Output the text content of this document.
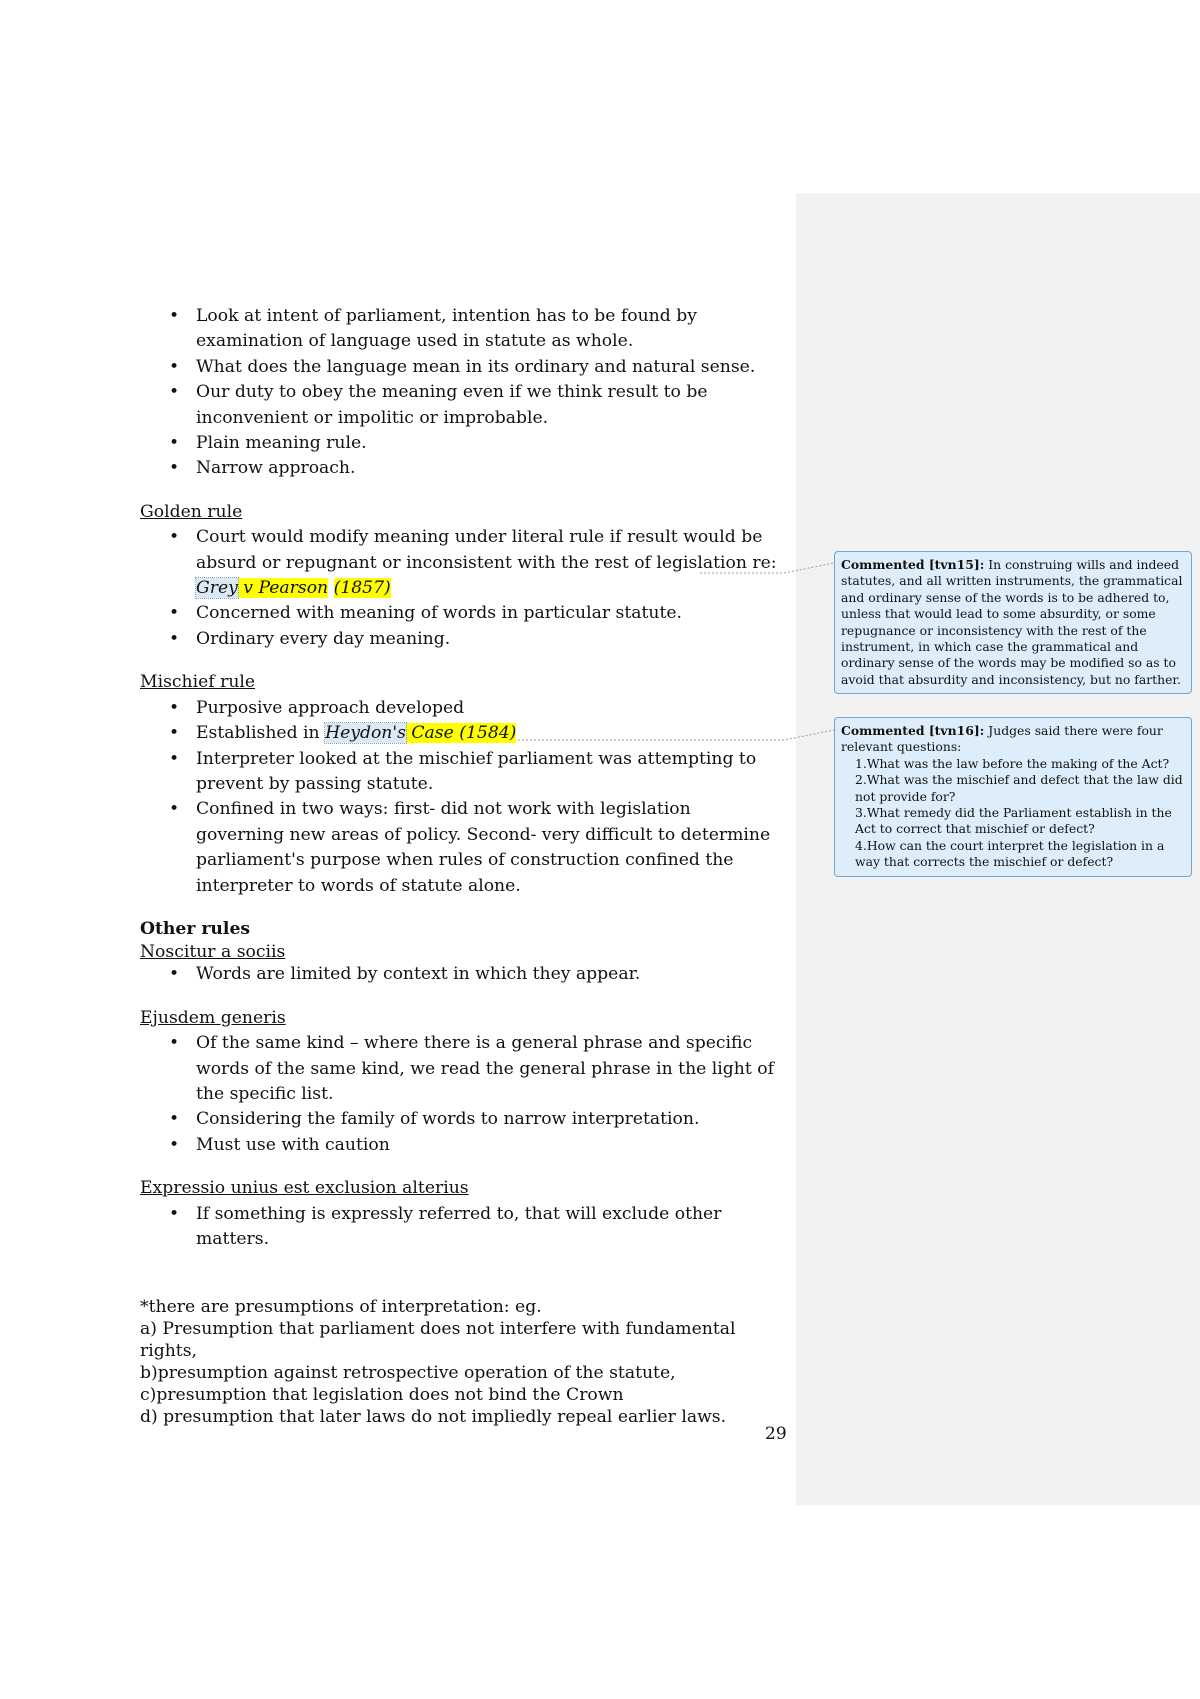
• Look at intent of parliament, intention has to be found by examination of language used in statute as whole.
• What does the language mean in its ordinary and natural sense.
• Our duty to obey the meaning even if we think result to be inconvenient or impolitic or improbable.
• Plain meaning rule.
• Narrow approach.
Golden rule
• Court would modify meaning under literal rule if result would be absurd or repugnant or inconsistent with the rest of legislation re: Grey v Pearson (1857)
• Concerned with meaning of words in particular statute.
• Ordinary every day meaning.
Mischief rule
• Purposive approach developed
• Established in Heydon's Case (1584)
• Interpreter looked at the mischief parliament was attempting to prevent by passing statute.
• Confined in two ways: first- did not work with legislation governing new areas of policy. Second- very difficult to determine parliament's purpose when rules of construction confined the interpreter to words of statute alone.
Other rules
Noscitur a sociis
• Words are limited by context in which they appear.
Ejusdem generis
• Of the same kind – where there is a general phrase and specific words of the same kind, we read the general phrase in the light of the specific list.
• Considering the family of words to narrow interpretation.
• Must use with caution
Expressio unius est exclusion alterius
• If something is expressly referred to, that will exclude other matters.
*there are presumptions of interpretation: eg.
a) Presumption that parliament does not interfere with fundamental rights,
b)presumption against retrospective operation of the statute,
c)presumption that legislation does not bind the Crown
d) presumption that later laws do not impliedly repeal earlier laws.
29
Commented [tvn15]: In construing wills and indeed statutes, and all written instruments, the grammatical and ordinary sense of the words is to be adhered to, unless that would lead to some absurdity, or some repugnance or inconsistency with the rest of the instrument, in which case the grammatical and ordinary sense of the words may be modified so as to avoid that absurdity and inconsistency, but no farther.
Commented [tvn16]: Judges said there were four relevant questions:
1.What was the law before the making of the Act?
2.What was the mischief and defect that the law did not provide for?
3.What remedy did the Parliament establish in the Act to correct that mischief or defect?
4.How can the court interpret the legislation in a way that corrects the mischief or defect?
